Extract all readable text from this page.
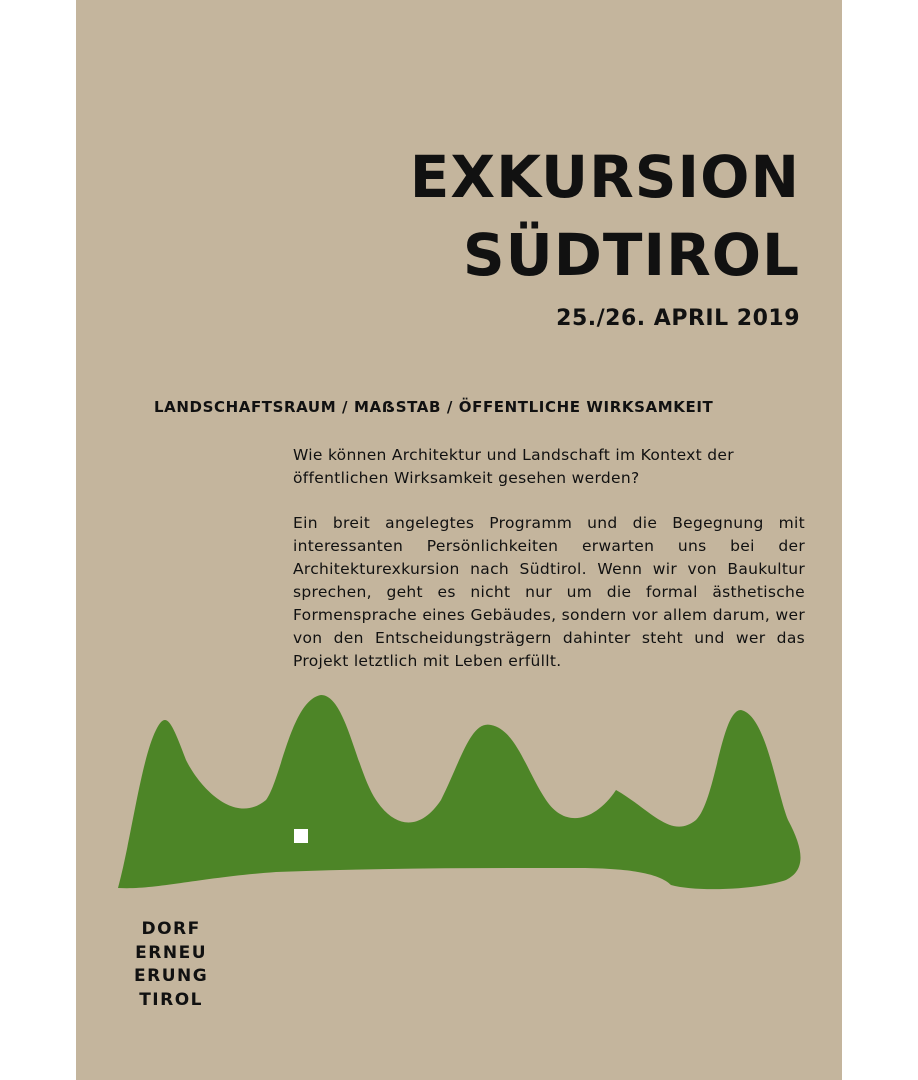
EXKURSION
SÜDTIROL
25./26. APRIL 2019
LANDSCHAFTSRAUM / MAẞSTAB / ÖFFENTLICHE WIRKSAMKEIT

Wie können Architektur und Landschaft im Kontext der öffentlichen Wirksamkeit gesehen werden?

Ein breit angelegtes Programm und die Begegnung mit interessanten Persönlichkeiten erwarten uns bei der Architekturexkursion nach Südtirol. Wenn wir von Baukultur sprechen, geht es nicht nur um die formal ästhetische Formensprache eines Gebäudes, sondern vor allem darum, wer von den Entscheidungsträgern dahinter steht und wer das Projekt letztlich mit Leben erfüllt.

DORF
ERNEU
ERUNG
TIROL
